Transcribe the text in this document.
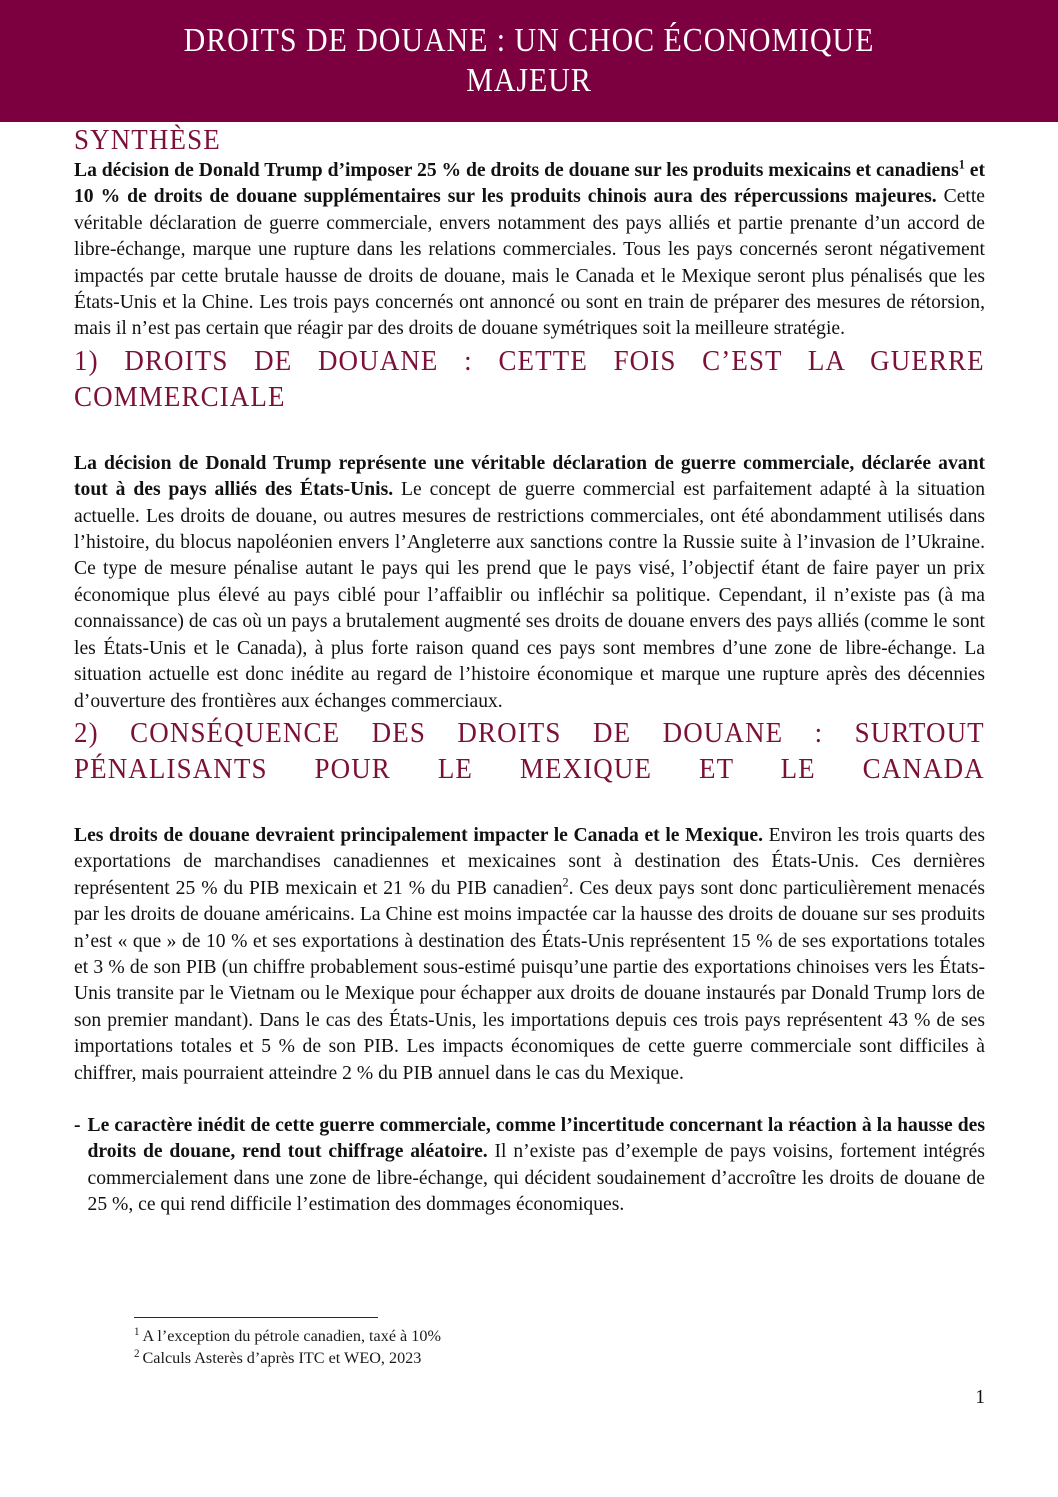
DROITS DE DOUANE : UN CHOC ÉCONOMIQUE MAJEUR
SYNTHÈSE

La décision de Donald Trump d’imposer 25 % de droits de douane sur les produits mexicains et canadiens$^1$ et 10 % de droits de douane supplémentaires sur les produits chinois aura des répercussions majeures. Cette véritable déclaration de guerre commerciale, envers notamment des pays alliés et partie prenante d’un accord de libre-échange, marque une rupture dans les relations commerciales. Tous les pays concernés seront négativement impactés par cette brutale hausse de droits de douane, mais le Canada et le Mexique seront plus pénalisés que les États-Unis et la Chine. Les trois pays concernés ont annoncé ou sont en train de préparer des mesures de rétorsion, mais il n’est pas certain que réagir par des droits de douane symétriques soit la meilleure stratégie.

1) DROITS DE DOUANE : CETTE FOIS C’EST LA GUERRE COMMERCIALE

La décision de Donald Trump représente une véritable déclaration de guerre commerciale, déclarée avant tout à des pays alliés des États-Unis. Le concept de guerre commercial est parfaitement adapté à la situation actuelle. Les droits de douane, ou autres mesures de restrictions commerciales, ont été abondamment utilisés dans l’histoire, du blocus napoléonien envers l’Angleterre aux sanctions contre la Russie suite à l’invasion de l’Ukraine. Ce type de mesure pénalise autant le pays qui les prend que le pays visé, l’objectif étant de faire payer un prix économique plus élevé au pays ciblé pour l’affaiblir ou infléchir sa politique. Cependant, il n’existe pas (à ma connaissance) de cas où un pays a brutalement augmenté ses droits de douane envers des pays alliés (comme le sont les États-Unis et le Canada), à plus forte raison quand ces pays sont membres d’une zone de libre-échange. La situation actuelle est donc inédite au regard de l’histoire économique et marque une rupture après des décennies d’ouverture des frontières aux échanges commerciaux.

2) CONSÉQUENCE DES DROITS DE DOUANE : SURTOUT PÉNALISANTS POUR LE MEXIQUE ET LE CANADA

Les droits de douane devraient principalement impacter le Canada et le Mexique. Environ les trois quarts des exportations de marchandises canadiennes et mexicaines sont à destination des États-Unis. Ces dernières représentent 25 % du PIB mexicain et 21 % du PIB canadien$^2$. Ces deux pays sont donc particulièrement menacés par les droits de douane américains. La Chine est moins impactée car la hausse des droits de douane sur ses produits n’est « que » de 10 % et ses exportations à destination des États-Unis représentent 15 % de ses exportations totales et 3 % de son PIB (un chiffre probablement sous-estimé puisqu’une partie des exportations chinoises vers les États-Unis transite par le Vietnam ou le Mexique pour échapper aux droits de douane instaurés par Donald Trump lors de son premier mandant). Dans le cas des États-Unis, les importations depuis ces trois pays représentent 43 % de ses importations totales et 5 % de son PIB. Les impacts économiques de cette guerre commerciale sont difficiles à chiffrer, mais pourraient atteindre 2 % du PIB annuel dans le cas du Mexique.

- Le caractère inédit de cette guerre commerciale, comme l’incertitude concernant la réaction à la hausse des droits de douane, rend tout chiffrage aléatoire. Il n’existe pas d’exemple de pays voisins, fortement intégrés commercialement dans une zone de libre-échange, qui décident soudainement d’accroître les droits de douane de 25 %, ce qui rend difficile l’estimation des dommages économiques.
$^1$ A l’exception du pétrole canadien, taxé à 10%
$^2$ Calculs Asterès d’après ITC et WEO, 2023
1
